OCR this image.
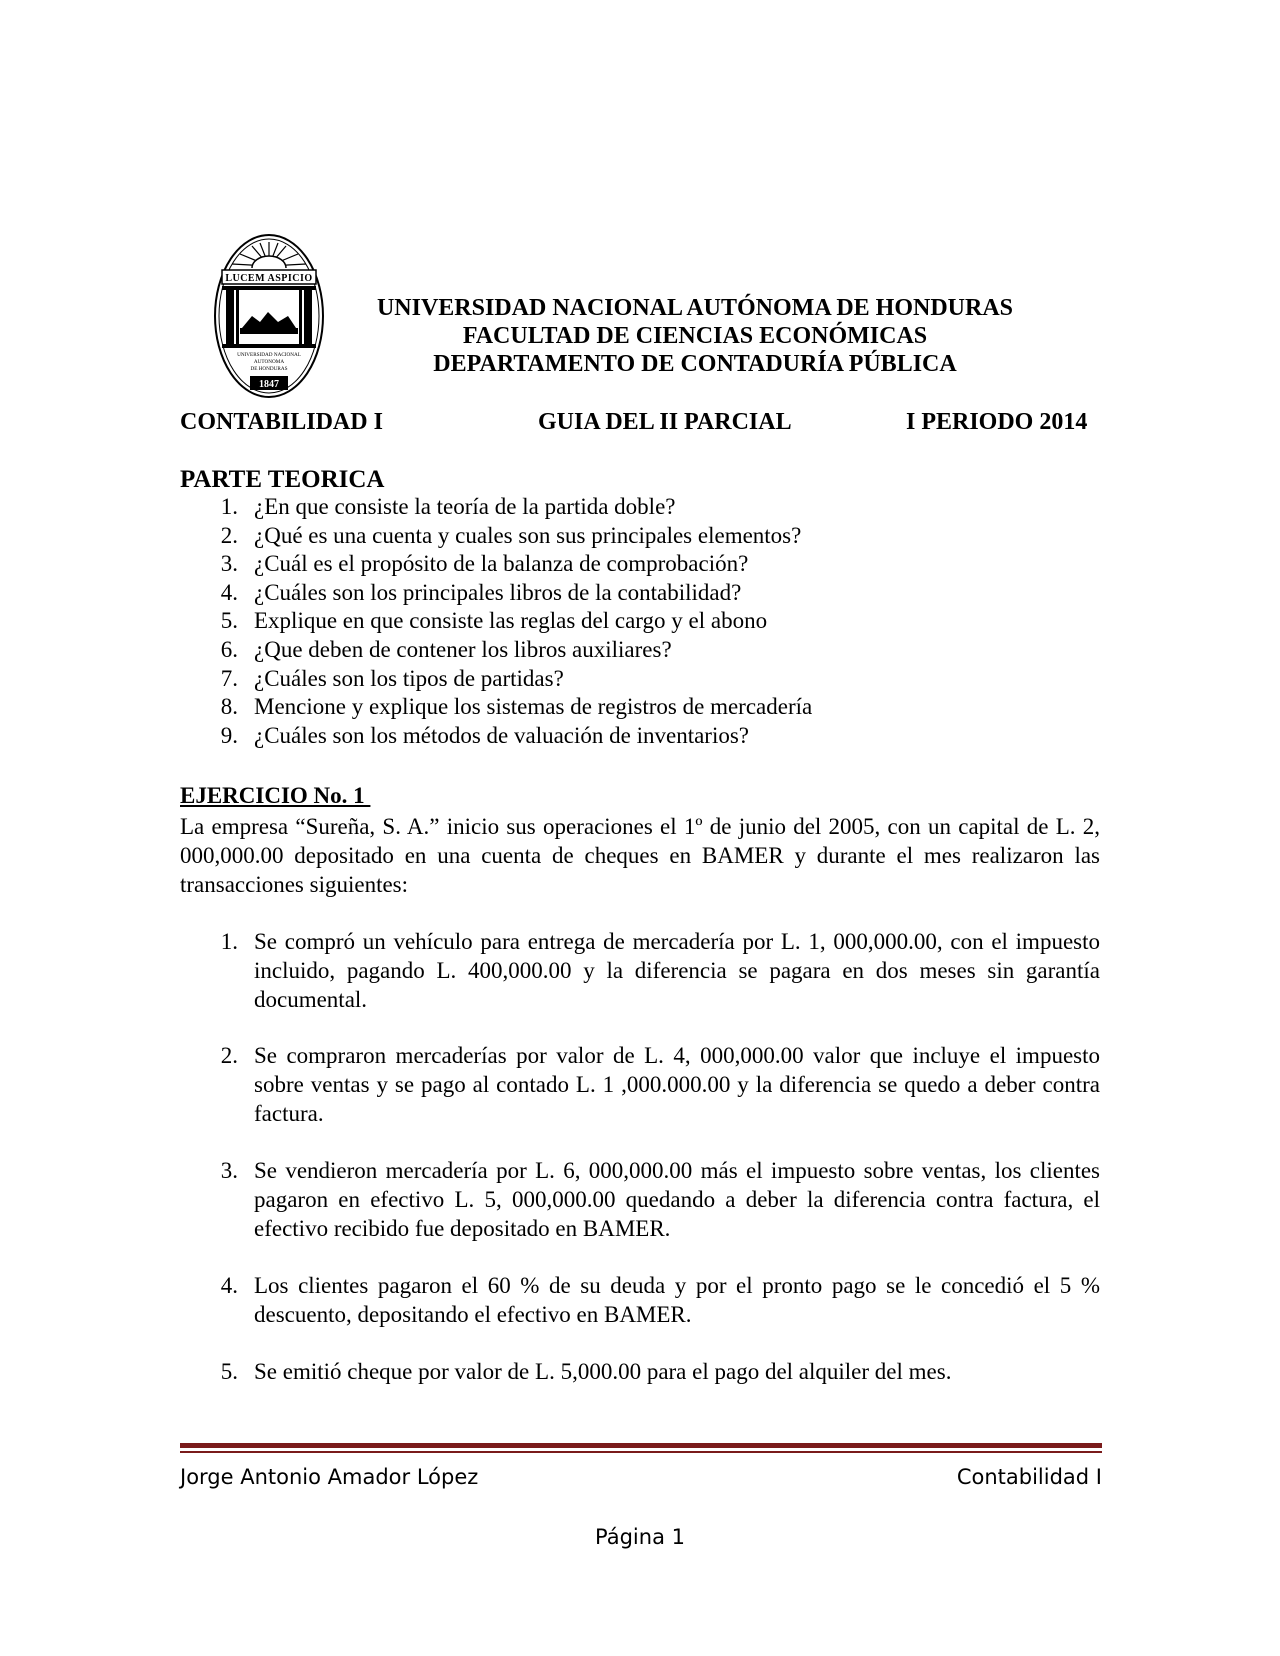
LUCEM ASPICIO
UNIVERSIDAD NACIONAL
AUTONOMA
DE HONDURAS
1847
UNIVERSIDAD NACIONAL AUTÓNOMA DE HONDURAS
FACULTAD DE CIENCIAS ECONÓMICAS
DEPARTAMENTO DE CONTADURÍA PÚBLICA
CONTABILIDAD I	GUIA DEL II PARCIAL	I PERIODO 2014
PARTE TEORICA
1. ¿En que consiste la teoría de la partida doble?
2. ¿Qué es una cuenta y cuales son sus principales elementos?
3. ¿Cuál es el propósito de la balanza de comprobación?
4. ¿Cuáles son los principales libros de la contabilidad?
5. Explique en que consiste las reglas del cargo y el abono
6. ¿Que deben de contener los libros auxiliares?
7. ¿Cuáles son los tipos de partidas?
8. Mencione y explique los sistemas de registros de mercadería
9. ¿Cuáles son los métodos de valuación de inventarios?
EJERCICIO No. 1

La empresa “Sureña, S. A.” inicio sus operaciones el 1º de junio del 2005, con un capital de L. 2, 000,000.00 depositado en una cuenta de cheques en BAMER y durante el mes realizaron las transacciones siguientes:

1. Se compró un vehículo para entrega de mercadería por L. 1, 000,000.00, con el impuesto incluido, pagando L. 400,000.00 y la diferencia se pagara en dos meses sin garantía documental.
2. Se compraron mercaderías por valor de L. 4, 000,000.00 valor que incluye el impuesto sobre ventas y se pago al contado L. 1 ,000.000.00 y la diferencia se quedo a deber contra factura.
3. Se vendieron mercadería por L. 6, 000,000.00 más el impuesto sobre ventas, los clientes pagaron en efectivo L. 5, 000,000.00 quedando a deber la diferencia contra factura, el efectivo recibido fue depositado en BAMER.
4. Los clientes pagaron el 60 % de su deuda y por el pronto pago se le concedió el 5 % descuento, depositando el efectivo en BAMER.
5. Se emitió cheque por valor de L. 5,000.00 para el pago del alquiler del mes.
Jorge Antonio Amador López	Contabilidad I
Página 1
